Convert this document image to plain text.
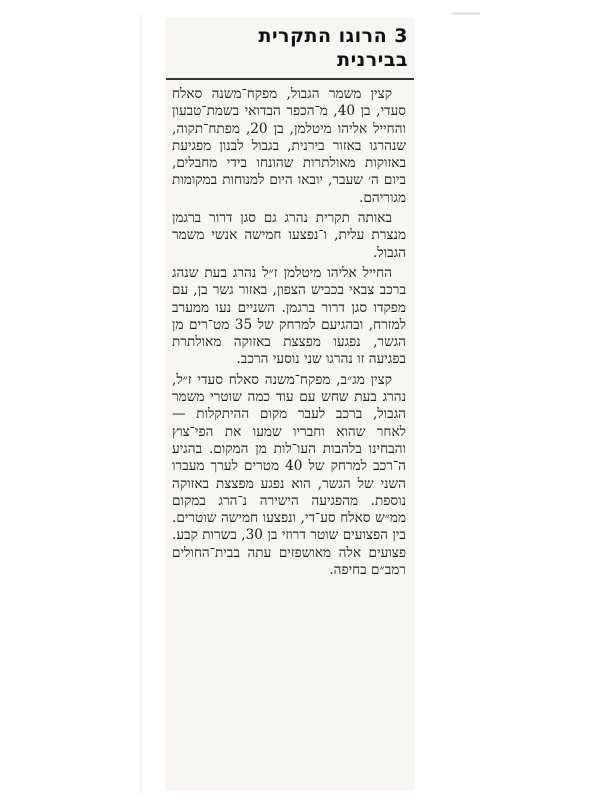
3 הרוגו התקרית
בבירנית

קצין משמר הגבול, מפקח־משנה סאלח סעדי, בן 40, מ־הכפר הבדואי בשמת־טבעון והחייל אליהו מיטלמן, בן 20, מפתח־תקוה, שנהרגו באזור בירנית, בגבול לבנון מפגיעת באזוקות מאולתרות שהונחו בידי מחבלים, ביום ה׳ שעבר, יובאו היום למנוחות במקומות מגוריהם.

באותה תקרית נהרג גם סגן דרור ברגמן מנצרת עלית, ו־נפצעו חמישה אנשי משמר הגבול.

החייל אליהו מיטלמן ז״ל נהרג בעת שנהג ברכב צבאי בכביש הצפון, באזור גשר בן, עם מפקדו סגן דרור ברגמן. השניים נעו ממערב למזרח, ובהגיעם למרחק של 35 מט־רים מן הגשר, נפגעו מפצצת באזוקה מאולתרת בפגיעה זו נהרגו שני נוסעי הרכב.

קצין מג״ב, מפקח־משנה סאלח סעדי ז״ל, נהרג בעת שחש עם עוד כמה שוטרי משמר הגבול, ברכב לעבר מקום ההיתקלות — לאחר שהוא וחבריו שמעו את הפי־צוץ והבחינו בלהבות העו־לות מן המקום. בהגיע ה־רכב למרחק של 40 מטרים לערך מעברו השני של הגשר, הוא נפגע מפצצת באזוקה נוספת. מהפגיעה הישירה נ־הרג במקום ממ״ש סאלח סע־די, ונפצעו חמישה שוטרים. בין הפצועים שוטר דרוזי בן 30, בשרות קבע. פצועים אלה מאושפזים עתה בבית־החולים רמב״ם בחיפה.
